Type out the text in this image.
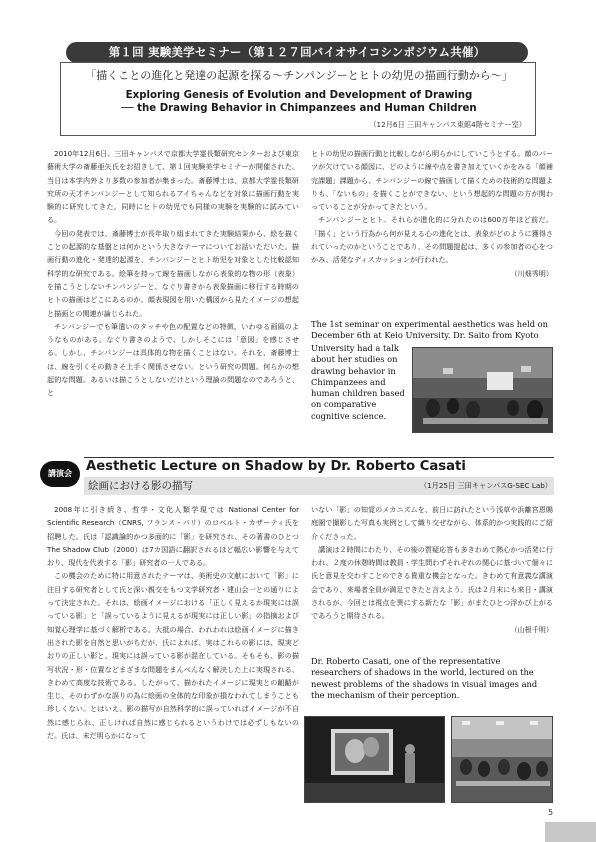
第１回 実験美学セミナー（第１２７回バイオサイコシンポジウム共催）
「描くことの進化と発達の起源を探る～チンパンジーとヒトの幼児の描画行動から～」
Exploring Genesis of Evolution and Development of Drawing
── the Drawing Behavior in Chimpanzees and Human Children
（12月6日 三田キャンパス東館4階セミナー室）

2010年12月6日、三田キャンパスで京都大学霊長類研究センターおよび東京藝術大学の斎藤亜矢氏をお招きして、第１回実験美学セミナーが開催された。当日は本学内外より多数の参加者が集まった。斎藤博士は、京都大学霊長類研究所の天才チンパンジーとして知られるアイちゃんなどを対象に描画行動を実験的に研究してきた。同時にヒトの幼児でも同様の実験を実験的に試みている。

今回の発表では、斎藤博士が長年取り組まれてきた実験結果から、絵を描くことの起源的な基盤とは何かという大きなテーマについてお話いただいた。描画行動の進化・発達的起源を、チンパンジーとヒト幼児を対象とした比較認知科学的な研究である。絵筆を持って線を描画しながら表象的な物の形（表象）を描こうとしないチンパンジーと、なぐり書きから表象描画に移行する時期のヒトの描画はどこにあるのか。顔表現図を用いた構図から見たイメージの想起と描画との関連が論じられた。

チンパンジーでも筆遣いのタッチや色の配置などの特徴、いわゆる画風のようなものがある。なぐり書きのようで、しかしそこには「意図」を感じさせる。しかし、チンパンジーは具体的な物を描くことはない。それを、斎藤博士は、線を引くその動きそ上手く関係させない。という研究の問題。何らかの想起的な問題。あるいは描こうとしないだけという理論の問題なのであろうと、と

ヒトの幼児の描画行動と比較しながら明らかにしていこうとする。顔のパーツが欠けている顔図に、どのように線や点を書き加えていくかをみる「顔補完課題」課題から、チンパンジーの線で描画して描くための技術的な問題よりも、「ないもの」を描くことができない、という想起的な問題の方が関わっていることが分かってきたという。

チンパンジーとヒト。それらが進化的に分れたのは600万年ほど前だ。「描く」という行為から何が見える心の進化とは、表象がどのように獲得されていったのかということであり、その問題提起は、多くの参加者の心をつかみ、活発なディスカッションが行われた。

（川畑秀明）

The 1st seminar on experimental aesthetics was held on December 6th at Keio University. Dr. Saito from Kyoto
University had a talk about her studies on drawing behavior in Chimpanzees and human children based on comparative cognitive science.
講演会	Aesthetic Lecture on Shadow by Dr. Roberto Casati
絵画における影の描写	（1月25日 三田キャンパスG-SEC Lab）

2008年に引き続き、哲学・文化人類学現では National Center for Scientific Research（CNRS, フランス・パリ）のロベルト・カザーティ氏を招聘した。氏は「認識論的かつ多面的に「影」を研究され、その著書のひとつ The Shadow Club（2000）は7カ国語に翻訳されるほど幅広い影響を与えており、現代を代表する「影」研究者の一人である。

この機会のために特に用意されたテーマは、美術史の文献において「影」に注目する研究者として氏と深い親交をもつ文学研究者・建山会一との通りによって決定された。それは、絵画イメージにおける「正しく見えるか現実には誤っている影」と「誤っているように見えるが現実には正しい影」の指摘および知覚心理学に基づく解析である。大抵の場合、われわれは絵画イメージに描き出された影を自然と思いがちだが、氏によれば、実はこれらの影には、現実どおりの正しい影と、現実には誤っている影が混在している。そもそも、影の描写状況・形・位置などまざまな問題をまんべんなく解決した上に実現される、きわめて高度な技術である。したがって、描かれたイメージに現実との齟齬が生じ、そのわずかな誤りの為に絵画の全体的な印象が損なわれてしまうことも珍しくない。とはいえ、影の描写が自然科学的に誤っていればイメージが不自然に感じられ、正しければ自然に感じられるというわけでは必ずしもないのだ。氏は、未だ明らかになって

いない「影」の知覚のメカニズムを、前日に訪れたという浅草や浜離宮恩賜庭園で撮影した写真も実例として織り交ぜながら、体系的かつ実践的にご紹介くださった。

講演は２時間にわたり、その後の質疑応答も多きわめて熱心かつ活発に行われ、２度の休憩時間は教員・学生問わずそれぞれの関心に基づいて個々に氏と意見を交わすことのできる貴重な機会となった。きわめて有意義な講演会であり、来場者全員が満足できたと言えよう。氏は２月末にも来日・講演されるが、今回とは視点を異にする新たな「影」がまたひとつ浮かび上がるであろうと期待される。

（山根千明）

Dr. Roberto Casati, one of the representative researchers of shadows in the world, lectured on the newest problems of the shadows in visual images and the mechanism of their perception.
5
